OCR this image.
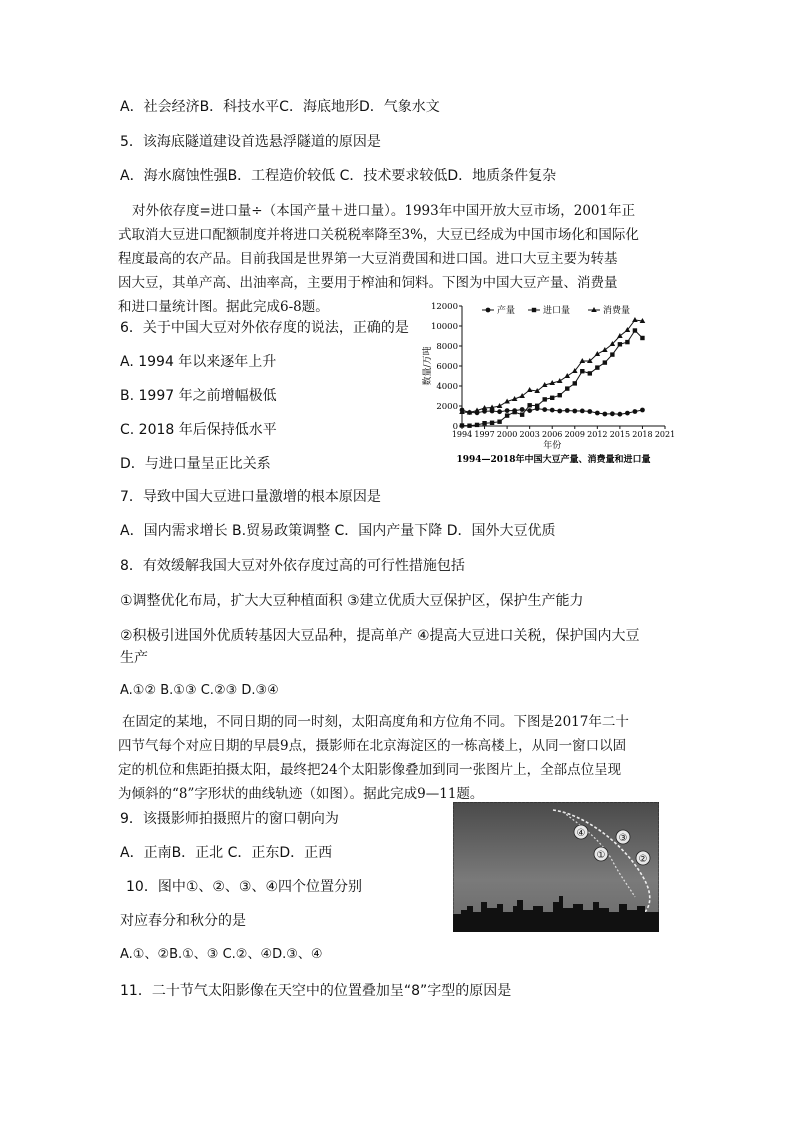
A．社会经济B．科技水平C．海底地形D．气象水文
5．该海底隧道建设首选悬浮隧道的原因是
A．海水腐蚀性强B．工程造价较低 C．技术要求较低D．地质条件复杂
对外依存度=进口量÷（本国产量＋进口量）。1993年中国开放大豆市场，2001年正
式取消大豆进口配额制度并将进口关税税率降至3%，大豆已经成为中国市场化和国际化
程度最高的农产品。目前我国是世界第一大豆消费国和进口国。进口大豆主要为转基
因大豆，其单产高、出油率高，主要用于榨油和饲料。下图为中国大豆产量、消费量
和进口量统计图。据此完成6-8题。
6．关于中国大豆对外依存度的说法，正确的是
A. 1994 年以来逐年上升
B. 1997 年之前增幅极低
C. 2018 年后保持低水平
D．与进口量呈正比关系
0
2000
4000
6000
8000
10000
12000
1994 1997 2000 2003 2006 2009 2012 2015 2018 2021
年份
数量/万吨
1994—2018年中国大豆产量、消费量和进口量
产量	进口量	消费量
7．导致中国大豆进口量激增的根本原因是
A．国内需求增长 B.贸易政策调整 C．国内产量下降 D．国外大豆优质
8．有效缓解我国大豆对外依存度过高的可行性措施包括
①调整优化布局，扩大大豆种植面积 ③建立优质大豆保护区，保护生产能力
②积极引进国外优质转基因大豆品种，提高单产 ④提高大豆进口关税，保护国内大豆
生产
A.①② B.①③ C.②③ D.③④
在固定的某地，不同日期的同一时刻，太阳高度角和方位角不同。下图是2017年二十
四节气每个对应日期的早晨9点，摄影师在北京海淀区的一栋高楼上，从同一窗口以固
定的机位和焦距拍摄太阳，最终把24个太阳影像叠加到同一张图片上，全部点位呈现
为倾斜的“8”字形状的曲线轨迹（如图）。据此完成9—11题。
9．该摄影师拍摄照片的窗口朝向为
A．正南B．正北 C．正东D．正西
10．图中①、②、③、④四个位置分别
对应春分和秋分的是
A.①、②B.①、③ C.②、④D.③、④
11．二十节气太阳影像在天空中的位置叠加呈“8”字型的原因是
④	③
①	②
